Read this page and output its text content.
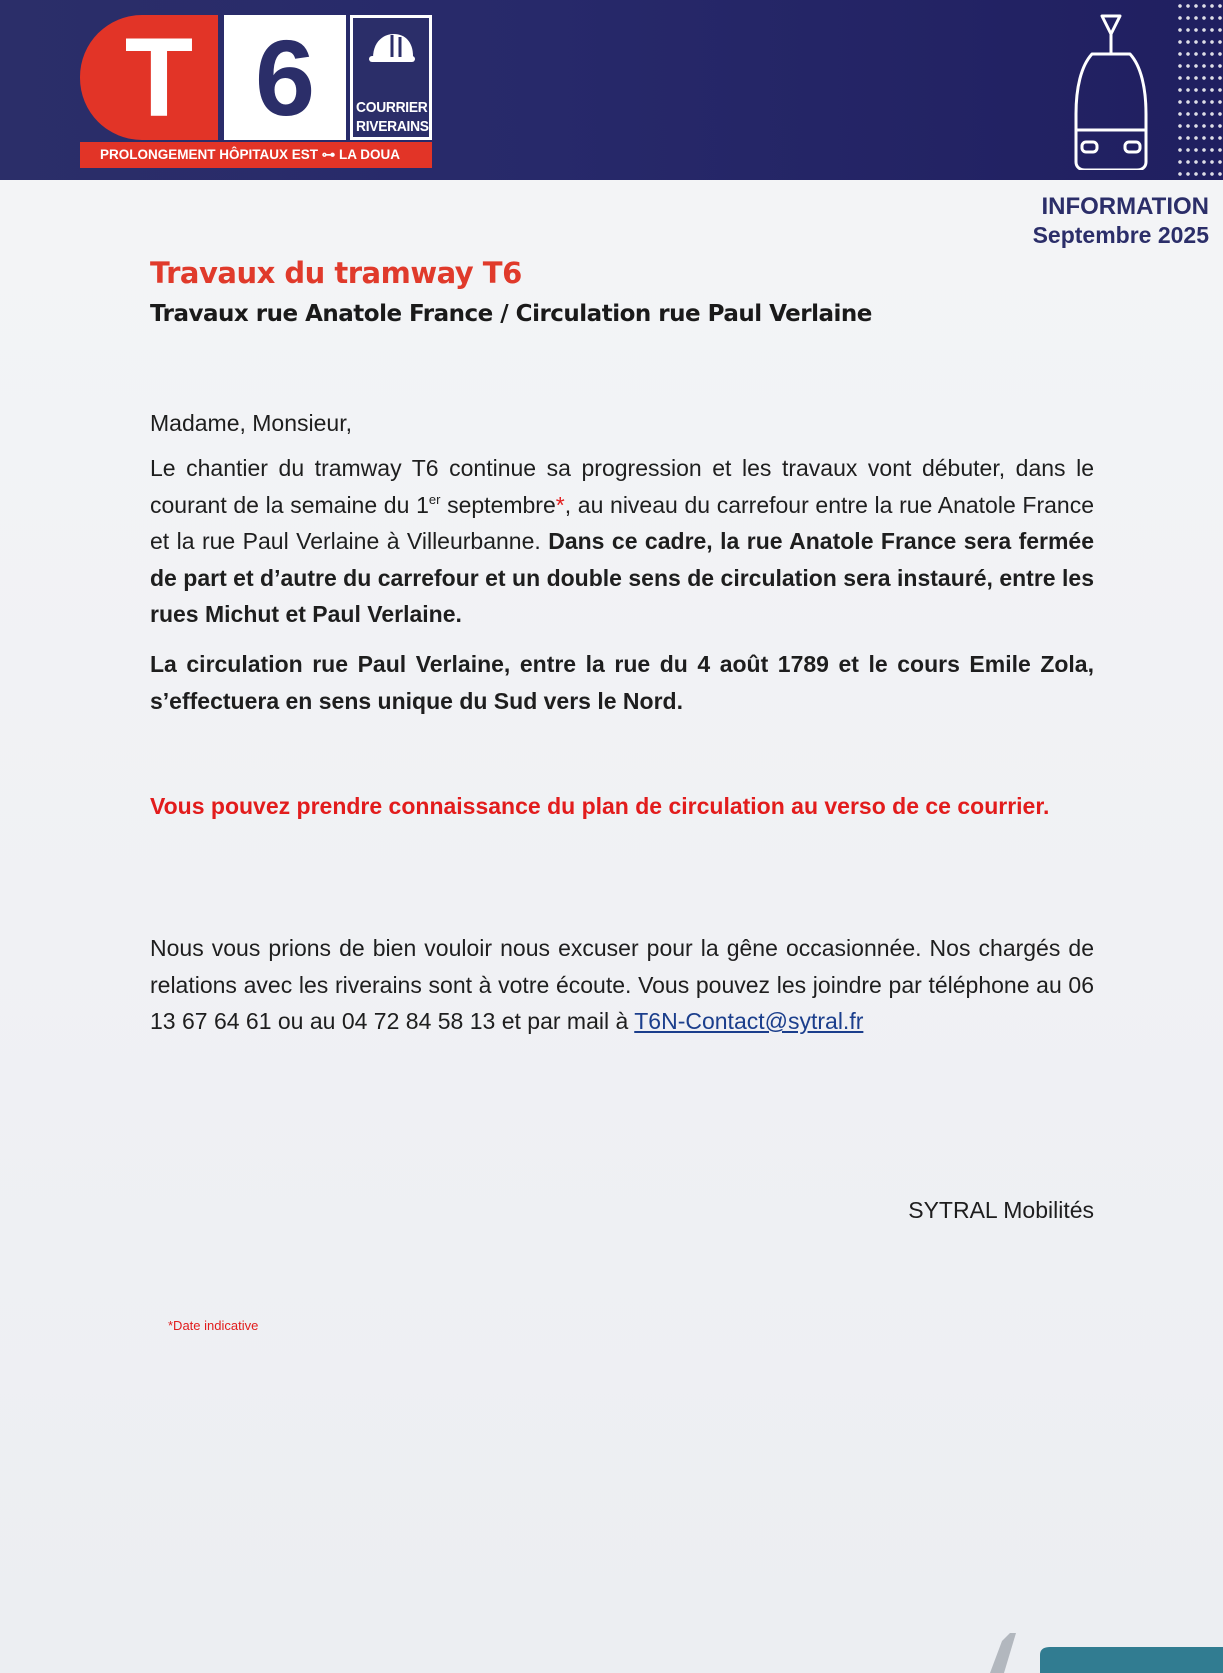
T 6	COURRIER
RIVERAINS
PROLONGEMENT HÔPITAUX EST ⊶ LA DOUA
INFORMATION
Septembre 2025
Travaux du tramway T6
Travaux rue Anatole France / Circulation rue Paul Verlaine
Madame, Monsieur,
Le chantier du tramway T6 continue sa progression et les travaux vont débuter, dans le courant de la semaine du 1er septembre*, au niveau du carrefour entre la rue Anatole France et la rue Paul Verlaine à Villeurbanne. Dans ce cadre, la rue Anatole France sera fermée de part et d’autre du carrefour et un double sens de circulation sera instauré, entre les rues Michut et Paul Verlaine.
La circulation rue Paul Verlaine, entre la rue du 4 août 1789 et le cours Emile Zola, s’effectuera en sens unique du Sud vers le Nord.
Vous pouvez prendre connaissance du plan de circulation au verso de ce courrier.
Nous vous prions de bien vouloir nous excuser pour la gêne occasionnée. Nos chargés de relations avec les riverains sont à votre écoute. Vous pouvez les joindre par téléphone au 06 13 67 64 61 ou au 04 72 84 58 13 et par mail à T6N-Contact@sytral.fr
SYTRAL Mobilités
*Date indicative
